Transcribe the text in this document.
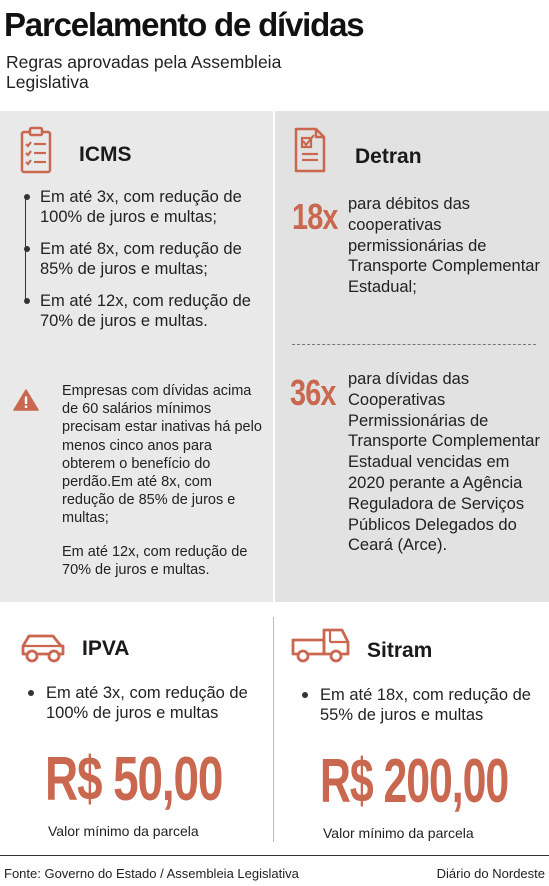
Parcelamento de dívidas
Regras aprovadas pela Assembleia Legislativa
ICMS
Em até 3x, com redução de 100% de juros e multas;
Em até 8x, com redução de 85% de juros e multas;
Em até 12x, com redução de 70% de juros e multas.
Empresas com dívidas acima de 60 salários mínimos precisam estar inativas há pelo menos cinco anos para obterem o benefício do perdão.Em até 8x, com redução de 85% de juros e multas;
Em até 12x, com redução de 70% de juros e multas.
Detran
18x para débitos das cooperativas permissionárias de Transporte Complementar Estadual;
36x para dívidas das Cooperativas Permissionárias de Transporte Complementar Estadual vencidas em 2020 perante a Agência Reguladora de Serviços Públicos Delegados do Ceará (Arce).
IPVA
Em até 3x, com redução de 100% de juros e multas
R$ 50,00
Valor mínimo da parcela
Sitram
Em até 18x, com redução de 55% de juros e multas
R$ 200,00
Valor mínimo da parcela
Fonte: Governo do Estado / Assembleia Legislativa	Diário do Nordeste
